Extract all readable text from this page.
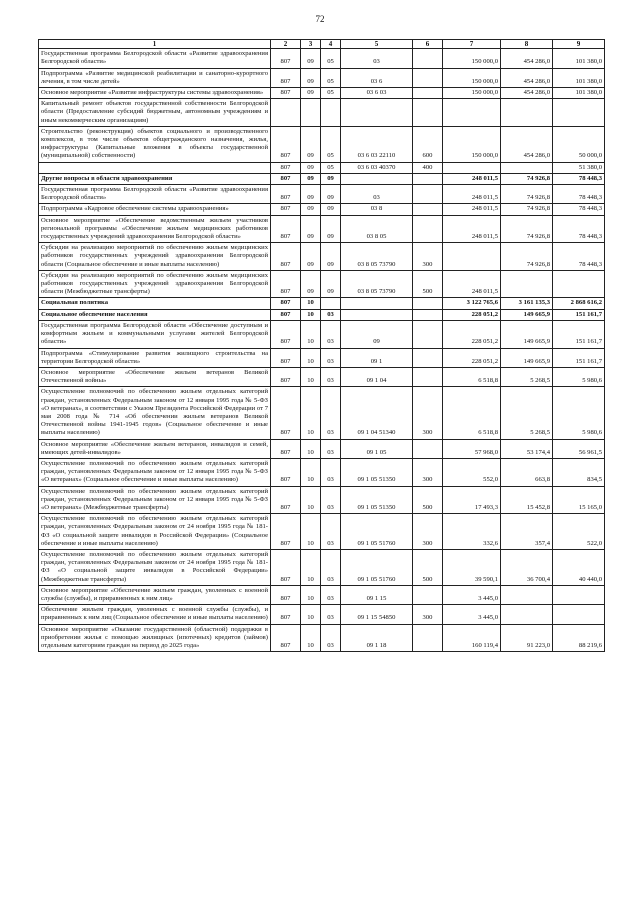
72
1	2	3	4	5	6	7	8	9
Государственная программа Белгородской области «Развитие здравоохранения Белгородской области»	807	09	05	03		150 000,0	454 286,0	101 380,0
Подпрограмма «Развитие медицинской реабилитации и санаторно-курортного лечения, в том числе детей»	807	09	05	03 6		150 000,0	454 286,0	101 380,0
Основное мероприятие «Развитие инфраструктуры системы здравоохранения»	807	09	05	03 6 03		150 000,0	454 286,0	101 380,0
Капитальный ремонт объектов государственной собственности Белгородской области (Предоставление субсидий бюджетным, автономным учреждениям и иным некоммерческим организациям)								
Строительство (реконструкция) объектов социального и производственного комплексов, в том числе объектов общегражданского назначения, жилья, инфраструктуры (Капитальные вложения в объекты государственной (муниципальной) собственности)	807	09	05	03 6 03 22110	600	150 000,0	454 286,0	50 000,0
	807	09	05	03 6 03 40370	400			51 380,0
Другие вопросы в области здравоохранения	807	09	09			248 011,5	74 926,8	78 448,3
Государственная программа Белгородской области «Развитие здравоохранения Белгородской области»	807	09	09	03		248 011,5	74 926,8	78 448,3
Подпрограмма «Кадровое обеспечение системы здравоохранения»	807	09	09	03 8		248 011,5	74 926,8	78 448,3
Основное мероприятие «Обеспечение ведомственным жильем участников региональной программы «Обеспечение жильем медицинских работников государственных учреждений здравоохранения Белгородской области»	807	09	09	03 8 05		248 011,5	74 926,8	78 448,3
Субсидии на реализацию мероприятий по обеспечению жильем медицинских работников государственных учреждений здравоохранения Белгородской области (Социальное обеспечение и иные выплаты населению)	807	09	09	03 8 05 73790	300		74 926,8	78 448,3
Субсидии на реализацию мероприятий по обеспечению жильем медицинских работников государственных учреждений здравоохранения Белгородской области (Межбюджетные трансферты)	807	09	09	03 8 05 73790	500	248 011,5		
Социальная политика	807	10				3 122 765,6	3 161 135,3	2 868 616,2
Социальное обеспечение населения	807	10	03			228 051,2	149 665,9	151 161,7
Государственная программа Белгородской области «Обеспечение доступным и комфортным жильем и коммунальными услугами жителей Белгородской области»	807	10	03	09		228 051,2	149 665,9	151 161,7
Подпрограмма «Стимулирование развития жилищного строительства на территории Белгородской области»	807	10	03	09 1		228 051,2	149 665,9	151 161,7
Основное мероприятие «Обеспечение жильем ветеранов Великой Отечественной войны»	807	10	03	09 1 04		6 518,8	5 268,5	5 980,6
Осуществление полномочий по обеспечению жильем отдельных категорий граждан, установленных Федеральным законом от 12 января 1995 года № 5-ФЗ «О ветеранах», в соответствии с Указом Президента Российской Федерации от 7 мая 2008 года № 714 «Об обеспечении жильем ветеранов Великой Отечественной войны 1941-1945 годов» (Социальное обеспечение и иные выплаты населению)	807	10	03	09 1 04 51340	300	6 518,8	5 268,5	5 980,6
Основное мероприятие «Обеспечение жильем ветеранов, инвалидов и семей, имеющих детей-инвалидов»	807	10	03	09 1 05		57 968,0	53 174,4	56 961,5
Осуществление полномочий по обеспечению жильем отдельных категорий граждан, установленных Федеральным законом от 12 января 1995 года № 5-ФЗ «О ветеранах» (Социальное обеспечение и иные выплаты населению)	807	10	03	09 1 05 51350	300	552,0	663,8	834,5
Осуществление полномочий по обеспечению жильем отдельных категорий граждан, установленных Федеральным законом от 12 января 1995 года № 5-ФЗ «О ветеранах» (Межбюджетные трансферты)	807	10	03	09 1 05 51350	500	17 493,3	15 452,8	15 165,0
Осуществление полномочий по обеспечению жильем отдельных категорий граждан, установленных Федеральным законом от 24 ноября 1995 года № 181-ФЗ «О социальной защите инвалидов в Российской Федерации» (Социальное обеспечение и иные выплаты населению)	807	10	03	09 1 05 51760	300	332,6	357,4	522,0
Осуществление полномочий по обеспечению жильем отдельных категорий граждан, установленных Федеральным законом от 24 ноября 1995 года № 181-ФЗ «О социальной защите инвалидов в Российской Федерации» (Межбюджетные трансферты)	807	10	03	09 1 05 51760	500	39 590,1	36 700,4	40 440,0
Основное мероприятие «Обеспечение жильем граждан, уволенных с военной службы (службы), и приравненных к ним лиц»	807	10	03	09 1 15		3 445,0		
Обеспечение жильем граждан, уволенных с военной службы (службы), и приравненных к ним лиц (Социальное обеспечение и иные выплаты населению)	807	10	03	09 1 15 54850	300	3 445,0		
Основное мероприятие «Оказание государственной (областной) поддержки в приобретении жилья с помощью жилищных (ипотечных) кредитов (займов) отдельным категориям граждан на период до 2025 года»	807	10	03	09 1 18		160 119,4	91 223,0	88 219,6
